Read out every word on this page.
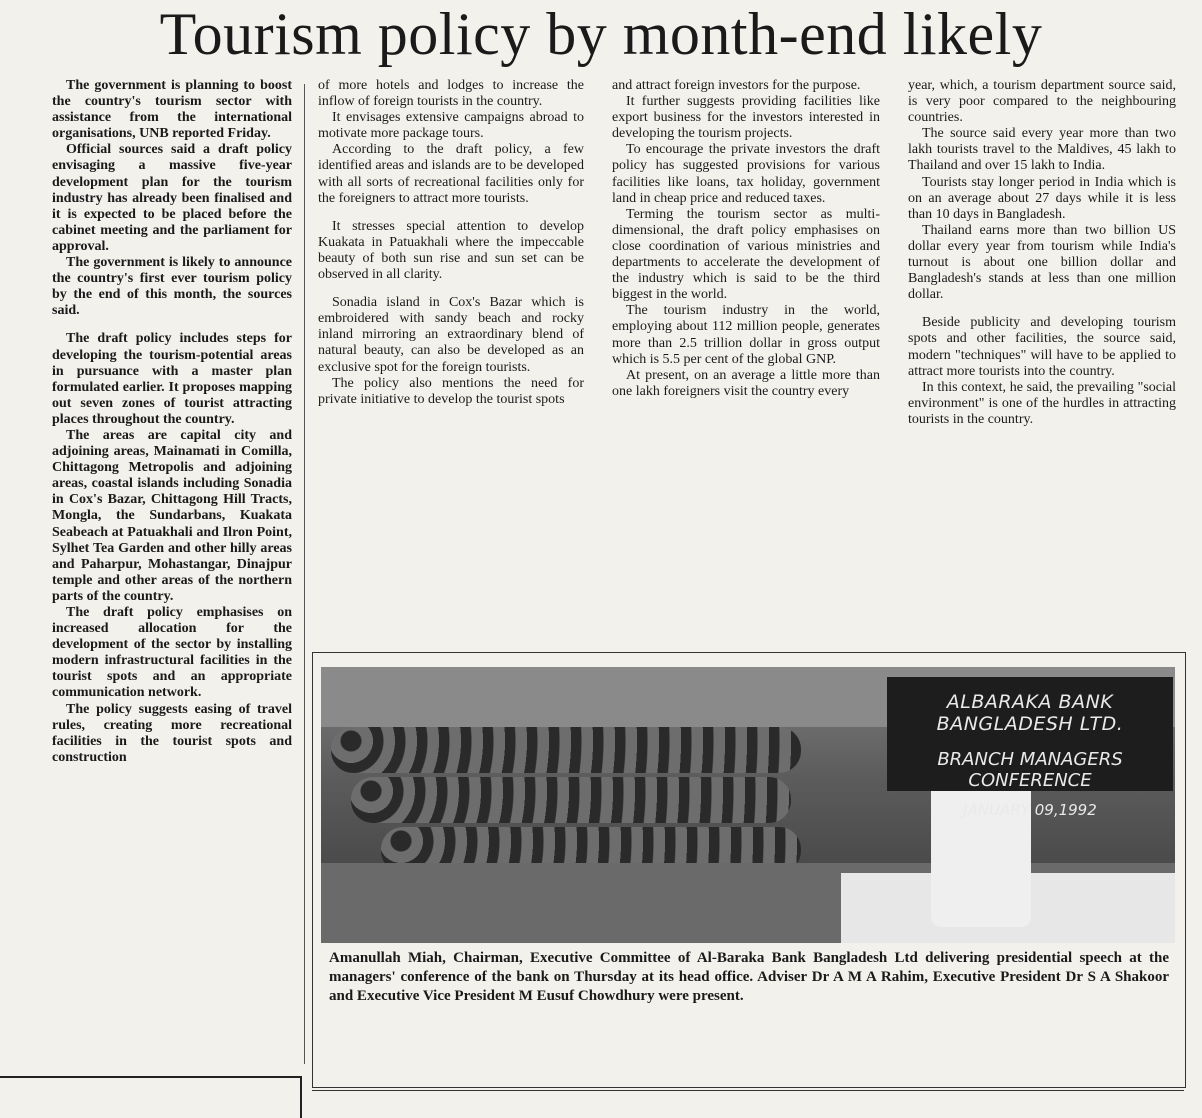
Tourism policy by month-end likely

The government is planning to boost the country's tourism sector with assistance from the international organisations, UNB reported Friday.

Official sources said a draft policy envisaging a massive five-year development plan for the tourism industry has already been finalised and it is expected to be placed before the cabinet meeting and the parliament for approval.

The government is likely to announce the country's first ever tourism policy by the end of this month, the sources said.

The draft policy includes steps for developing the tourism-potential areas in pursuance with a master plan formulated earlier. It proposes mapping out seven zones of tourist attracting places throughout the country.

The areas are capital city and adjoining areas, Mainamati in Comilla, Chittagong Metropolis and adjoining areas, coastal islands including Sonadia in Cox's Bazar, Chittagong Hill Tracts, Mongla, the Sundarbans, Kuakata Seabeach at Patuakhali and Ilron Point, Sylhet Tea Garden and other hilly areas and Paharpur, Mohastangar, Dinajpur temple and other areas of the northern parts of the country.

The draft policy emphasises on increased allocation for the development of the sector by installing modern infrastructural facilities in the tourist spots and an appropriate communication network.

The policy suggests easing of travel rules, creating more recreational facilities in the tourist spots and construction

of more hotels and lodges to increase the inflow of foreign tourists in the country.

It envisages extensive campaigns abroad to motivate more package tours.

According to the draft policy, a few identified areas and islands are to be developed with all sorts of recreational facilities only for the foreigners to attract more tourists.

It stresses special attention to develop Kuakata in Patuakhali where the impeccable beauty of both sun rise and sun set can be observed in all clarity.

Sonadia island in Cox's Bazar which is embroidered with sandy beach and rocky inland mirroring an extraordinary blend of natural beauty, can also be developed as an exclusive spot for the foreign tourists.

The policy also mentions the need for private initiative to develop the tourist spots

and attract foreign investors for the purpose.

It further suggests providing facilities like export business for the investors interested in developing the tourism projects.

To encourage the private investors the draft policy has suggested provisions for various facilities like loans, tax holiday, government land in cheap price and reduced taxes.

Terming the tourism sector as multi-dimensional, the draft policy emphasises on close coordination of various ministries and departments to accelerate the development of the industry which is said to be the third biggest in the world.

The tourism industry in the world, employing about 112 million people, generates more than 2.5 trillion dollar in gross output which is 5.5 per cent of the global GNP.

At present, on an average a little more than one lakh foreigners visit the country every

year, which, a tourism department source said, is very poor compared to the neighbouring countries.

The source said every year more than two lakh tourists travel to the Maldives, 45 lakh to Thailand and over 15 lakh to India.

Tourists stay longer period in India which is on an average about 27 days while it is less than 10 days in Bangladesh.

Thailand earns more than two billion US dollar every year from tourism while India's turnout is about one billion dollar and Bangladesh's stands at less than one million dollar.

Beside publicity and developing tourism spots and other facilities, the source said, modern "techniques" will have to be applied to attract more tourists into the country.

In this context, he said, the prevailing "social environment" is one of the hurdles in attracting tourists in the country.

ALBARAKA BANK BANGLADESH LTD.
BRANCH MANAGERS CONFERENCE
JANUARY 09,1992

Amanullah Miah, Chairman, Executive Committee of Al-Baraka Bank Bangladesh Ltd delivering presidential speech at the managers' conference of the bank on Thursday at its head office. Adviser Dr A M A Rahim, Executive President Dr S A Shakoor and Executive Vice President M Eusuf Chowdhury were present.
